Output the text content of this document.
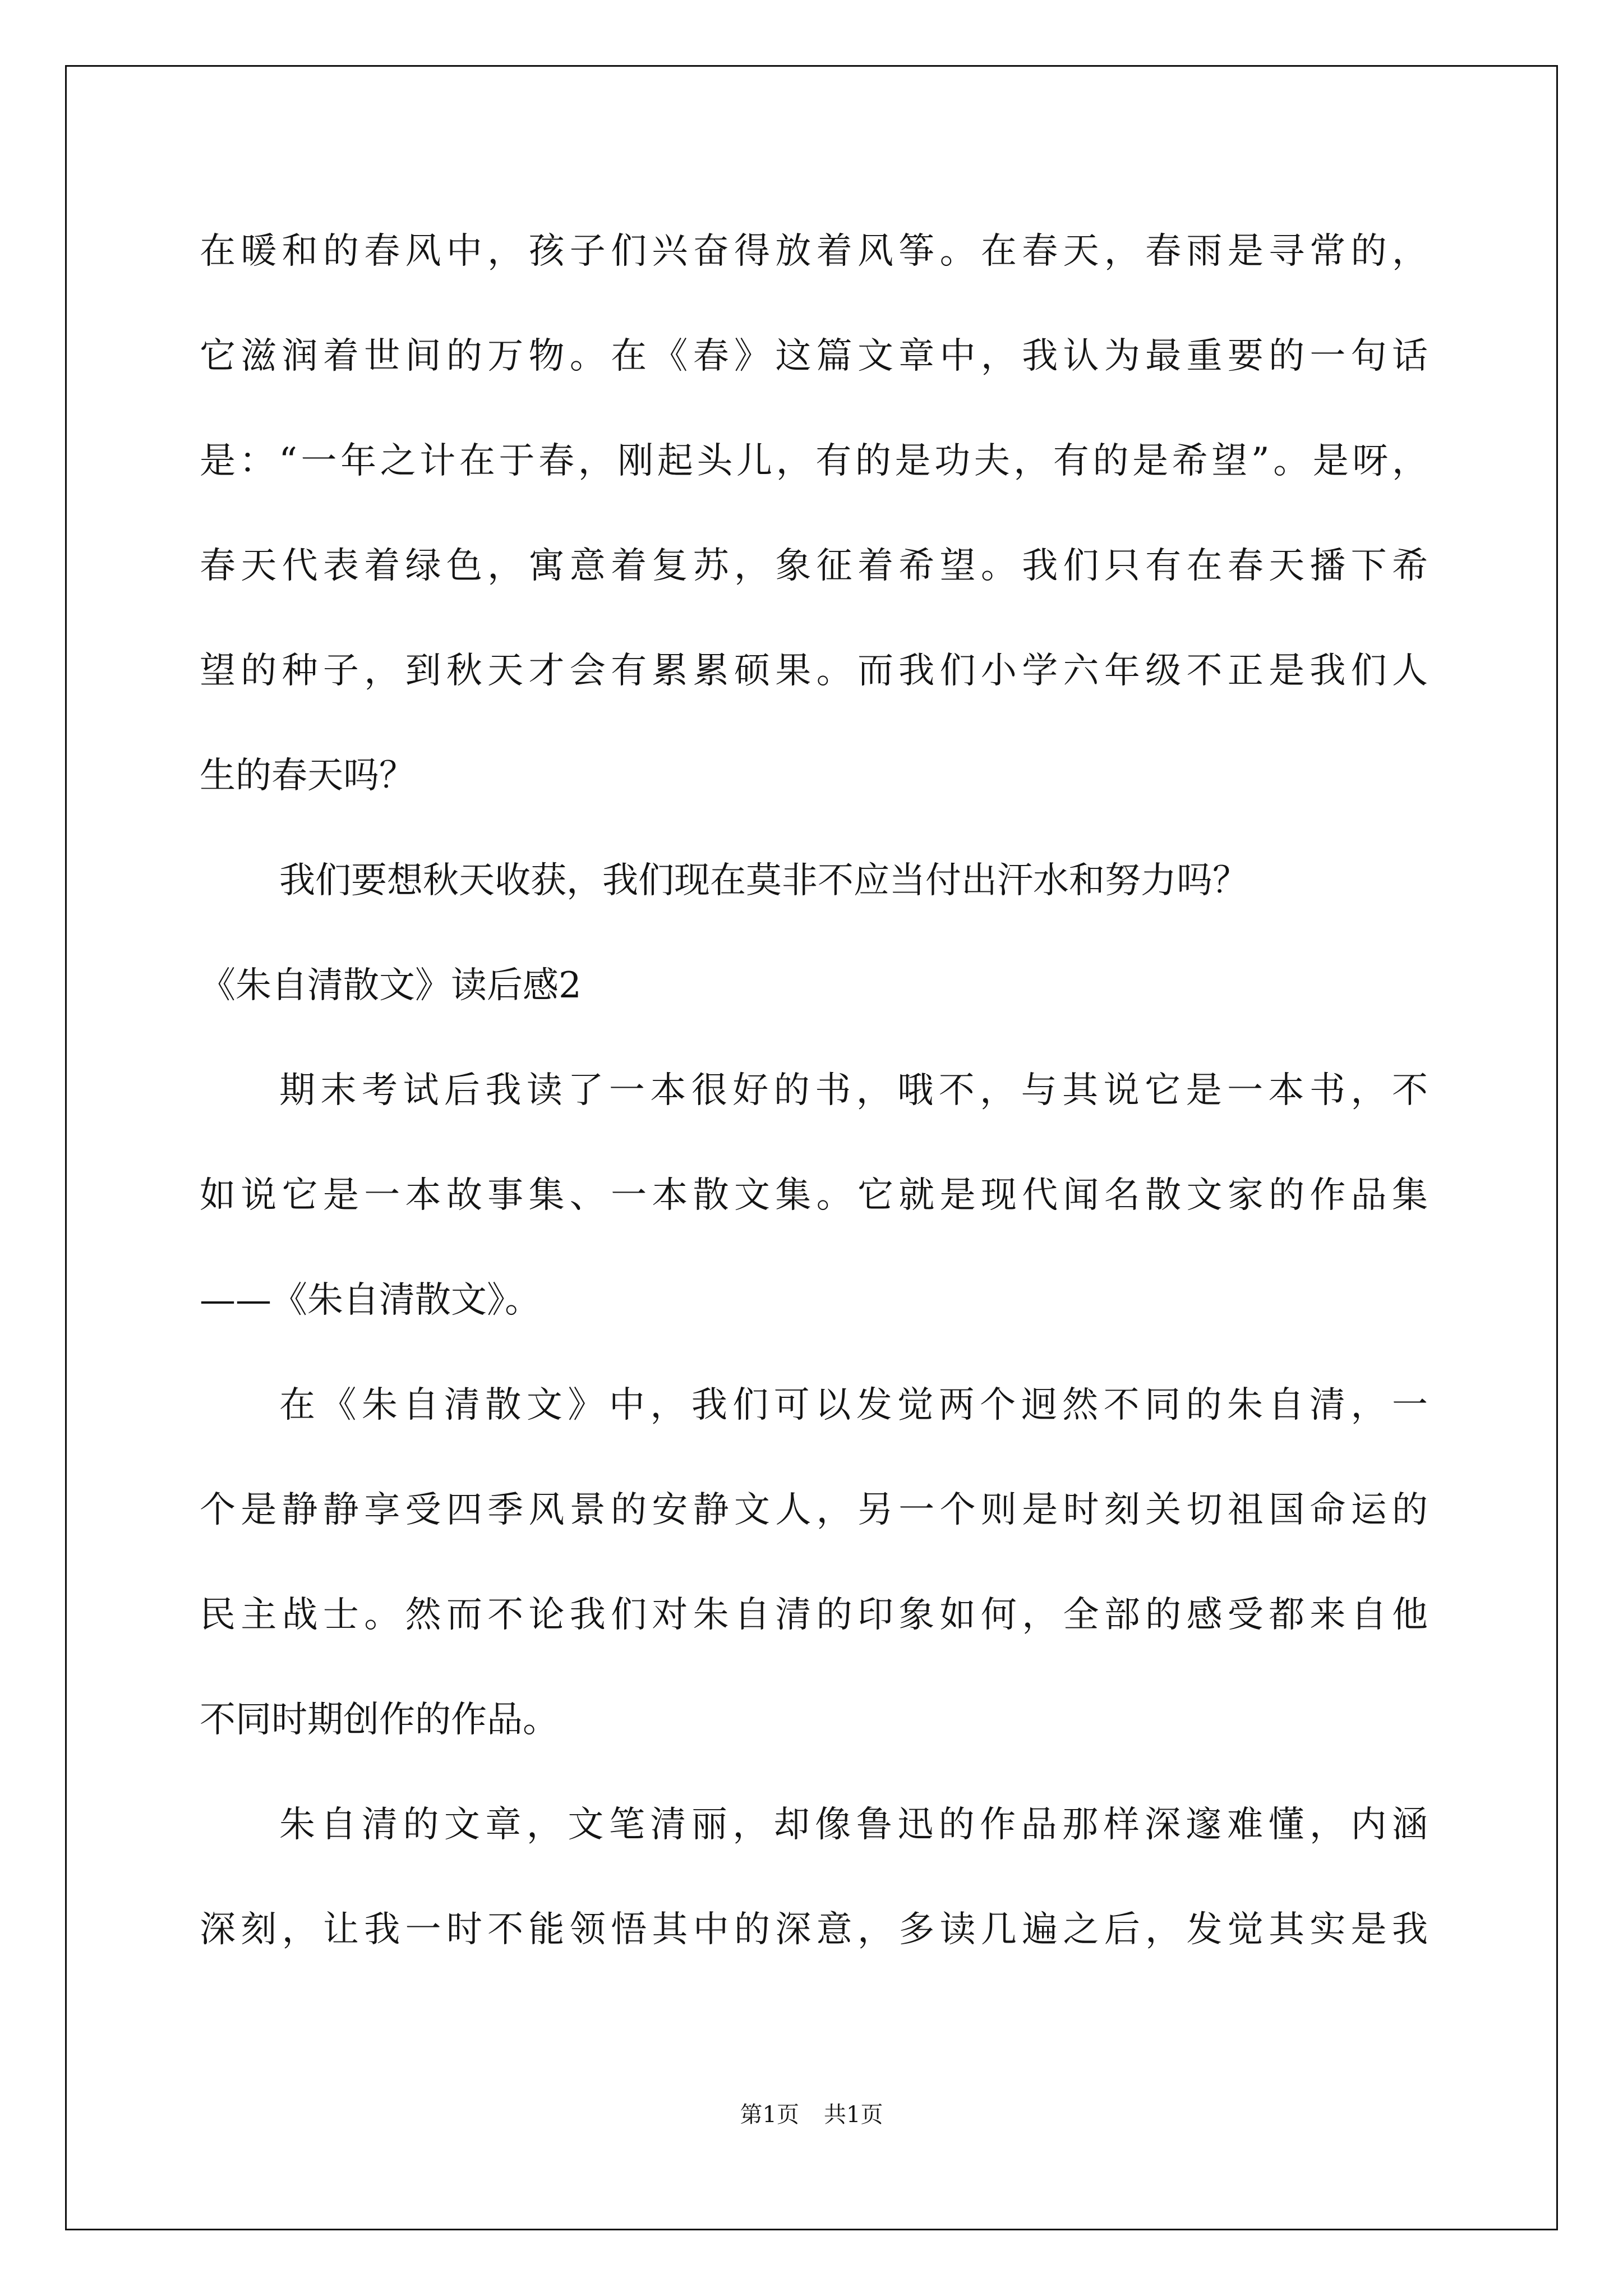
在暖和的春风中，孩子们兴奋得放着风筝。在春天，春雨是寻常的，
它滋润着世间的万物。在《春》这篇文章中，我认为最重要的一句话
是：“一年之计在于春，刚起头儿，有的是功夫，有的是希望”。是呀，
春天代表着绿色，寓意着复苏，象征着希望。我们只有在春天播下希
望的种子，到秋天才会有累累硕果。而我们小学六年级不正是我们人
生的春天吗？
我们要想秋天收获，我们现在莫非不应当付出汗水和努力吗？
《朱自清散文》读后感2
期末考试后我读了一本很好的书，哦不，与其说它是一本书，不
如说它是一本故事集、一本散文集。它就是现代闻名散文家的作品集
——《朱自清散文》。
在《朱自清散文》中，我们可以发觉两个迥然不同的朱自清，一
个是静静享受四季风景的安静文人，另一个则是时刻关切祖国命运的
民主战士。然而不论我们对朱自清的印象如何，全部的感受都来自他
不同时期创作的作品。
朱自清的文章，文笔清丽，却像鲁迅的作品那样深邃难懂，内涵
深刻，让我一时不能领悟其中的深意，多读几遍之后，发觉其实是我
第1页 共1页
